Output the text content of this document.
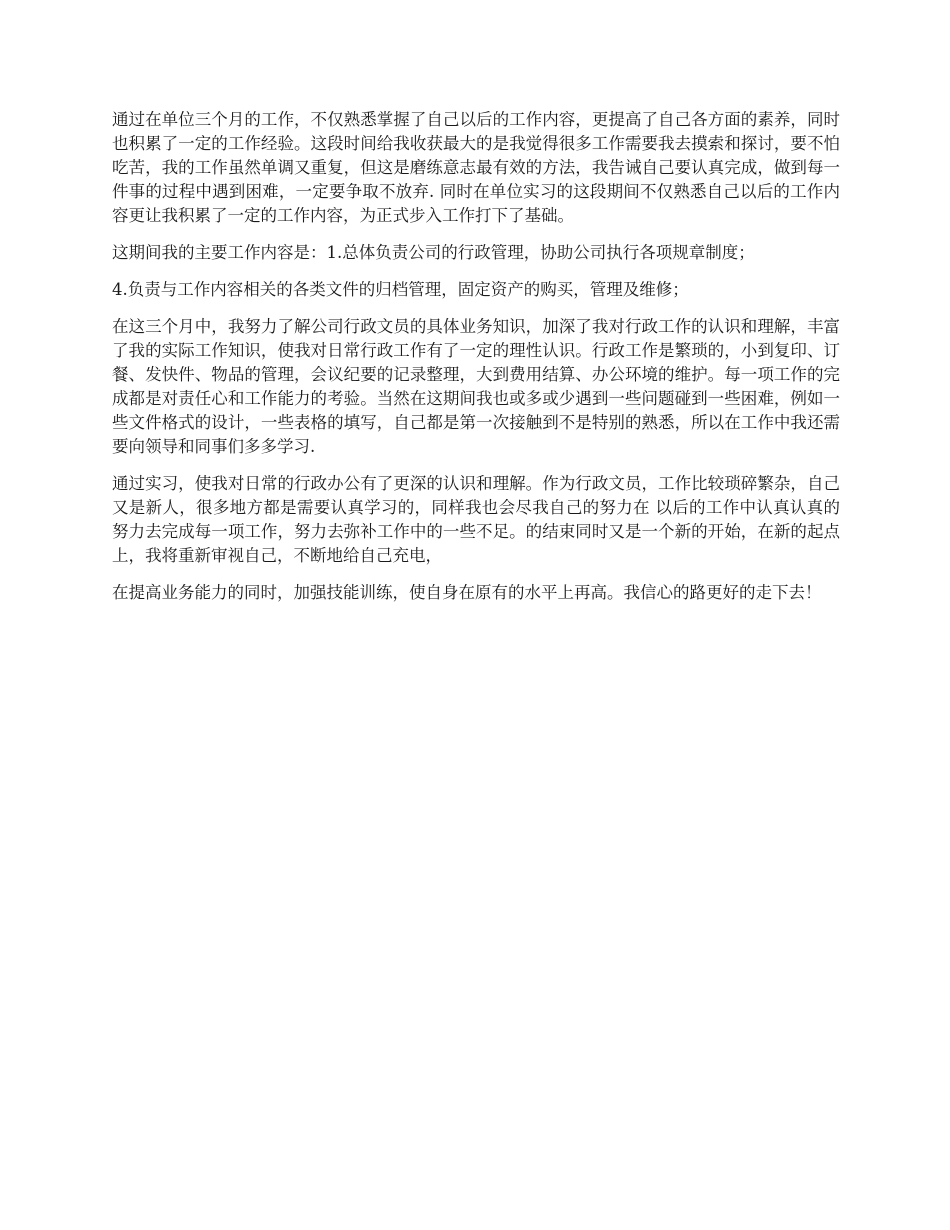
通过在单位三个月的工作，不仅熟悉掌握了自己以后的工作内容，更提高了自己各方面的素养，同时也积累了一定的工作经验。这段时间给我收获最大的是我觉得很多工作需要我去摸索和探讨，要不怕吃苦，我的工作虽然单调又重复，但这是磨练意志最有效的方法，我告诫自己要认真完成，做到每一件事的过程中遇到困难，一定要争取不放弃. 同时在单位实习的这段期间不仅熟悉自己以后的工作内容更让我积累了一定的工作内容，为正式步入工作打下了基础。

这期间我的主要工作内容是：1.总体负责公司的行政管理，协助公司执行各项规章制度；

4.负责与工作内容相关的各类文件的归档管理，固定资产的购买，管理及维修；

在这三个月中，我努力了解公司行政文员的具体业务知识，加深了我对行政工作的认识和理解，丰富了我的实际工作知识，使我对日常行政工作有了一定的理性认识。行政工作是繁琐的，小到复印、订餐、发快件、物品的管理，会议纪要的记录整理，大到费用结算、办公环境的维护。每一项工作的完成都是对责任心和工作能力的考验。当然在这期间我也或多或少遇到一些问题碰到一些困难，例如一些文件格式的设计，一些表格的填写，自己都是第一次接触到不是特别的熟悉，所以在工作中我还需要向领导和同事们多多学习.

通过实习，使我对日常的行政办公有了更深的认识和理解。作为行政文员，工作比较琐碎繁杂，自己又是新人，很多地方都是需要认真学习的，同样我也会尽我自己的努力在 以后的工作中认真认真的努力去完成每一项工作，努力去弥补工作中的一些不足。的结束同时又是一个新的开始，在新的起点上，我将重新审视自己，不断地给自己充电，

在提高业务能力的同时，加强技能训练，使自身在原有的水平上再高。我信心的路更好的走下去！
